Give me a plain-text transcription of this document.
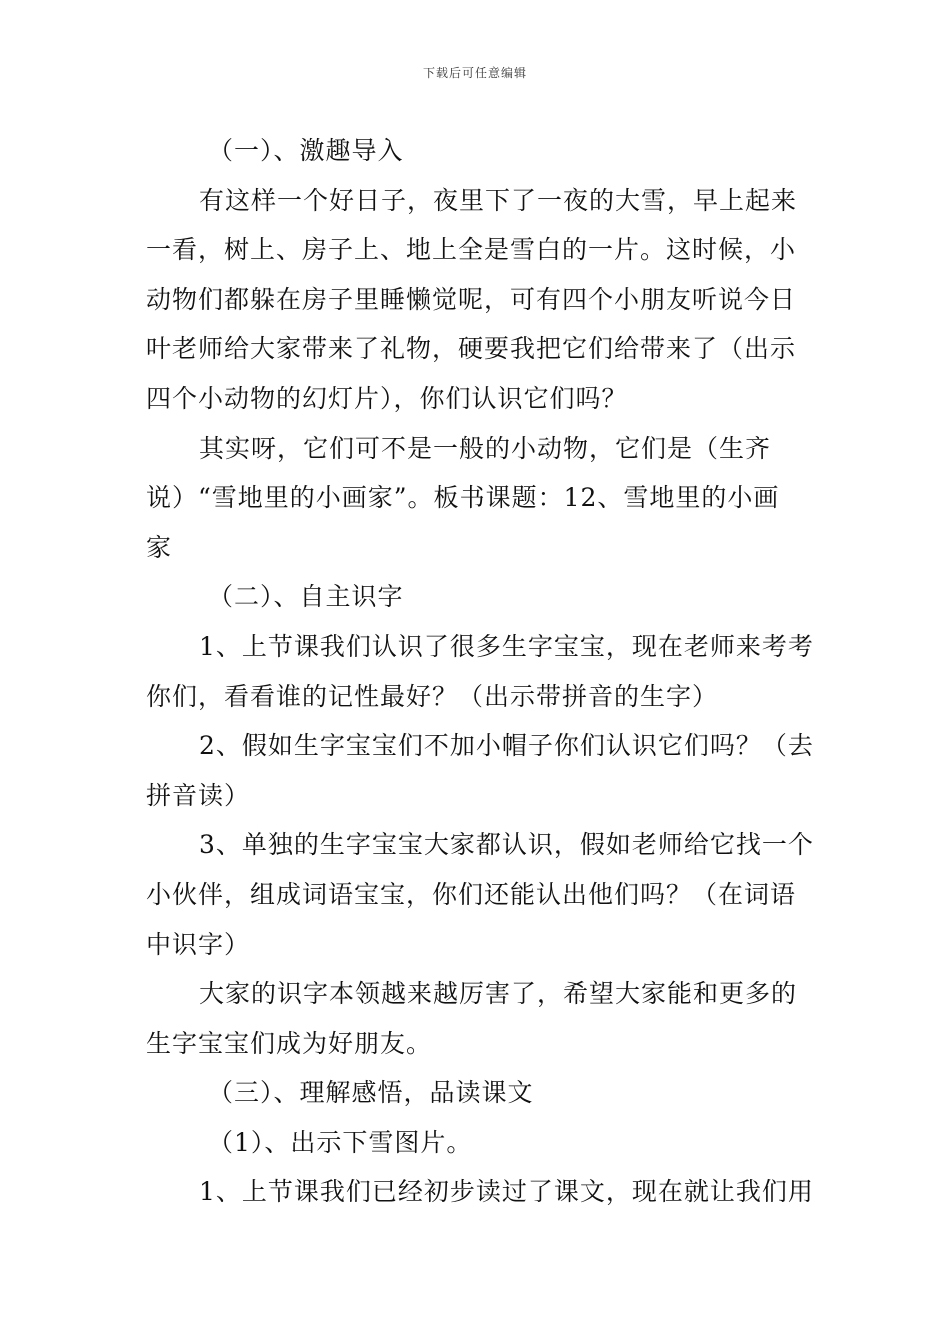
下载后可任意编辑
（一）、激趣导入
有这样一个好日子，夜里下了一夜的大雪，早上起来
一看，树上、房子上、地上全是雪白的一片。这时候，小
动物们都躲在房子里睡懒觉呢，可有四个小朋友听说今日
叶老师给大家带来了礼物，硬要我把它们给带来了（出示
四个小动物的幻灯片），你们认识它们吗？
其实呀，它们可不是一般的小动物，它们是（生齐
说）“雪地里的小画家”。板书课题：12、雪地里的小画
家
（二）、自主识字
1、上节课我们认识了很多生字宝宝，现在老师来考考
你们，看看谁的记性最好？（出示带拼音的生字）
2、假如生字宝宝们不加小帽子你们认识它们吗？（去
拼音读）
3、单独的生字宝宝大家都认识，假如老师给它找一个
小伙伴，组成词语宝宝，你们还能认出他们吗？（在词语
中识字）
大家的识字本领越来越厉害了，希望大家能和更多的
生字宝宝们成为好朋友。
（三）、理解感悟，品读课文
（1）、出示下雪图片。
1、上节课我们已经初步读过了课文，现在就让我们用
